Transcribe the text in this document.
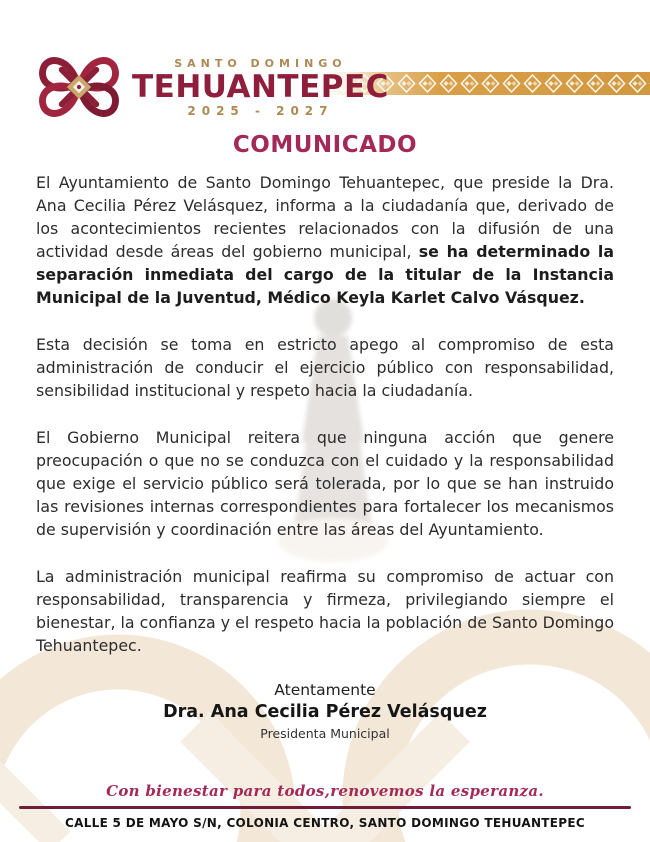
SANTO DOMINGO
TEHUANTEPEC
2025 - 2027
COMUNICADO

El Ayuntamiento de Santo Domingo Tehuantepec, que preside la Dra. Ana Cecilia Pérez Velásquez, informa a la ciudadanía que, derivado de los acontecimientos recientes relacionados con la difusión de una actividad desde áreas del gobierno municipal, se ha determinado la separación inmediata del cargo de la titular de la Instancia Municipal de la Juventud, Médico Keyla Karlet Calvo Vásquez.

Esta decisión se toma en estricto apego al compromiso de esta administración de conducir el ejercicio público con responsabilidad, sensibilidad institucional y respeto hacia la ciudadanía.

El Gobierno Municipal reitera que ninguna acción que genere preocupación o que no se conduzca con el cuidado y la responsabilidad que exige el servicio público será tolerada, por lo que se han instruido las revisiones internas correspondientes para fortalecer los mecanismos de supervisión y coordinación entre las áreas del Ayuntamiento.

La administración municipal reafirma su compromiso de actuar con responsabilidad, transparencia y firmeza, privilegiando siempre el bienestar, la confianza y el respeto hacia la población de Santo Domingo Tehuantepec.

Atentamente
Dra. Ana Cecilia Pérez Velásquez
Presidenta Municipal
Con bienestar para todos,renovemos la esperanza.
CALLE 5 DE MAYO S/N, COLONIA CENTRO, SANTO DOMINGO TEHUANTEPEC
